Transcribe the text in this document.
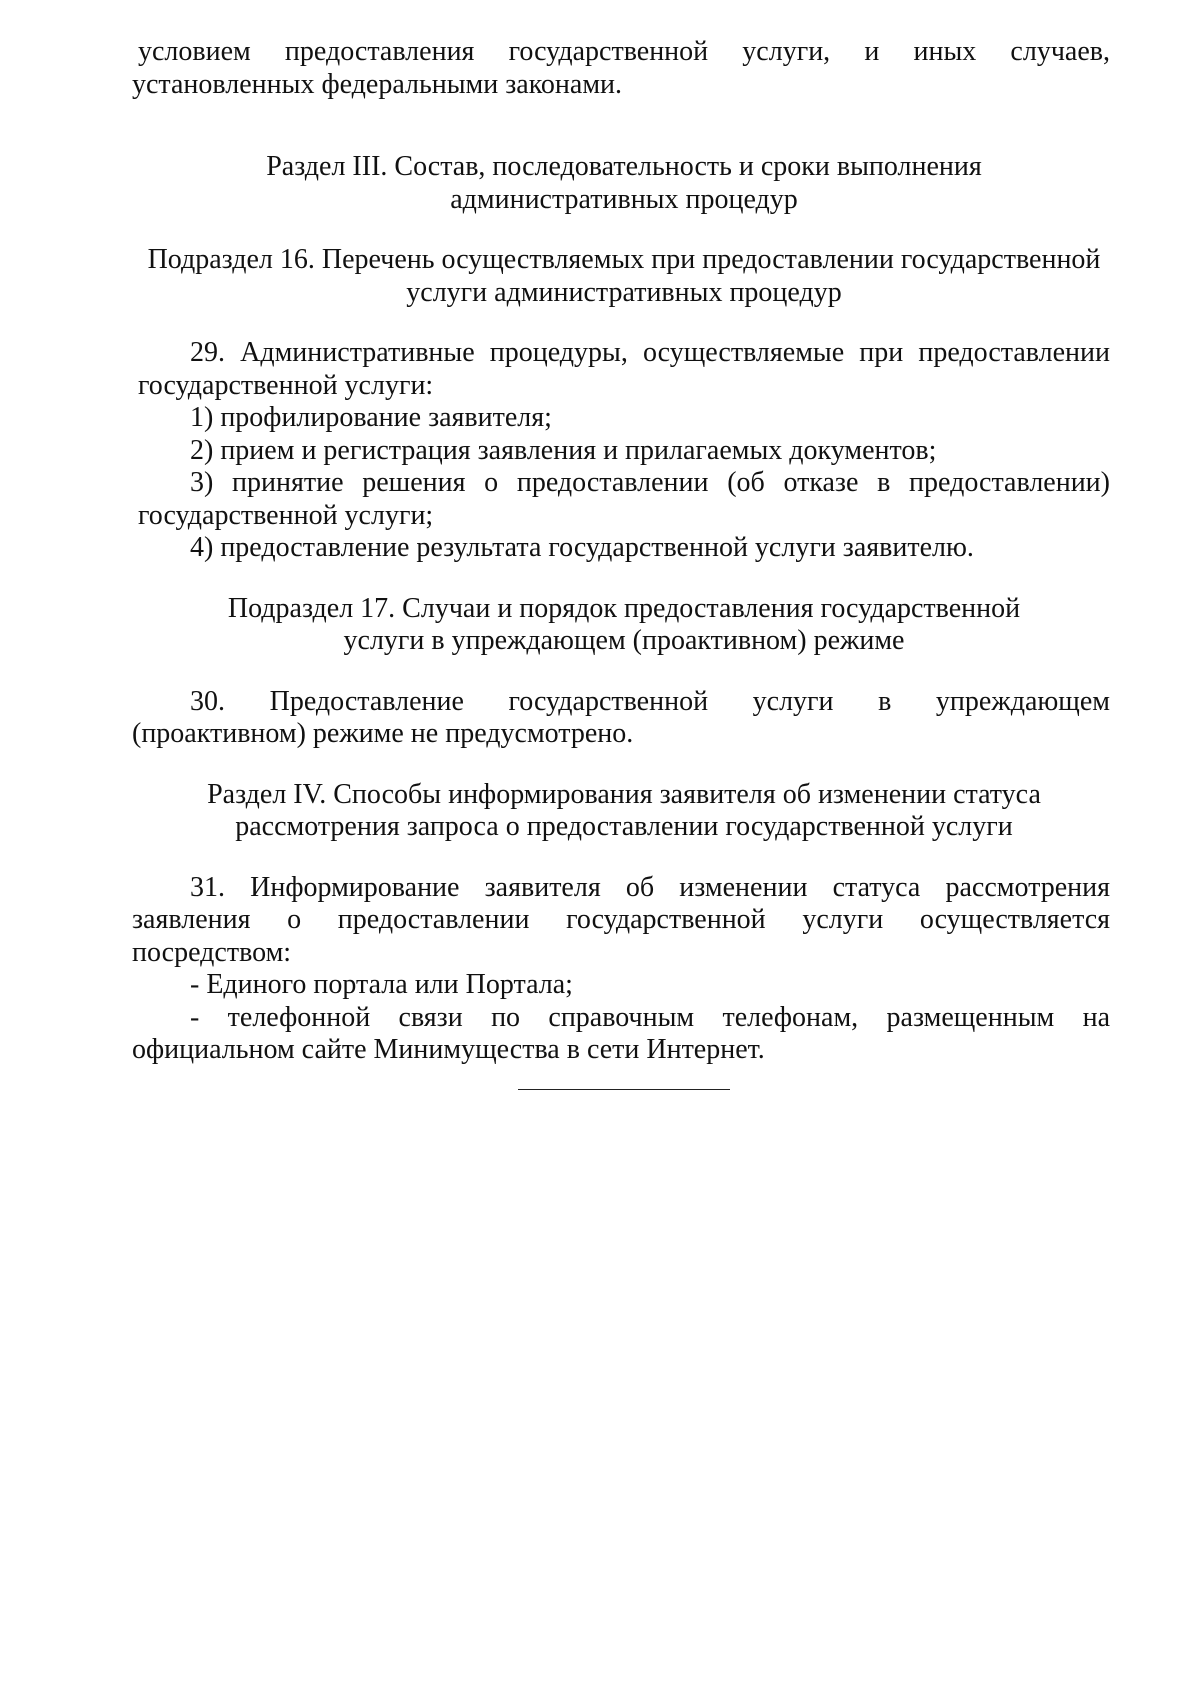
условием предоставления государственной услуги, и иных случаев,

установленных федеральными законами.

Раздел III. Состав, последовательность и сроки выполнения

административных процедур

Подраздел 16. Перечень осуществляемых при предоставлении государственной

услуги административных процедур

29. Административные процедуры, осуществляемые при предоставлении

государственной услуги:

1) профилирование заявителя;

2) прием и регистрация заявления и прилагаемых документов;

3) принятие решения о предоставлении (об отказе в предоставлении)

государственной услуги;

4) предоставление результата государственной услуги заявителю.

Подраздел 17. Случаи и порядок предоставления государственной

услуги в упреждающем (проактивном) режиме

30. Предоставление государственной услуги в упреждающем

(проактивном) режиме не предусмотрено.

Раздел IV. Способы информирования заявителя об изменении статуса

рассмотрения запроса о предоставлении государственной услуги

31. Информирование заявителя об изменении статуса рассмотрения

заявления о предоставлении государственной услуги осуществляется

посредством:

- Единого портала или Портала;

- телефонной связи по справочным телефонам, размещенным на

официальном сайте Минимущества в сети Интернет.
